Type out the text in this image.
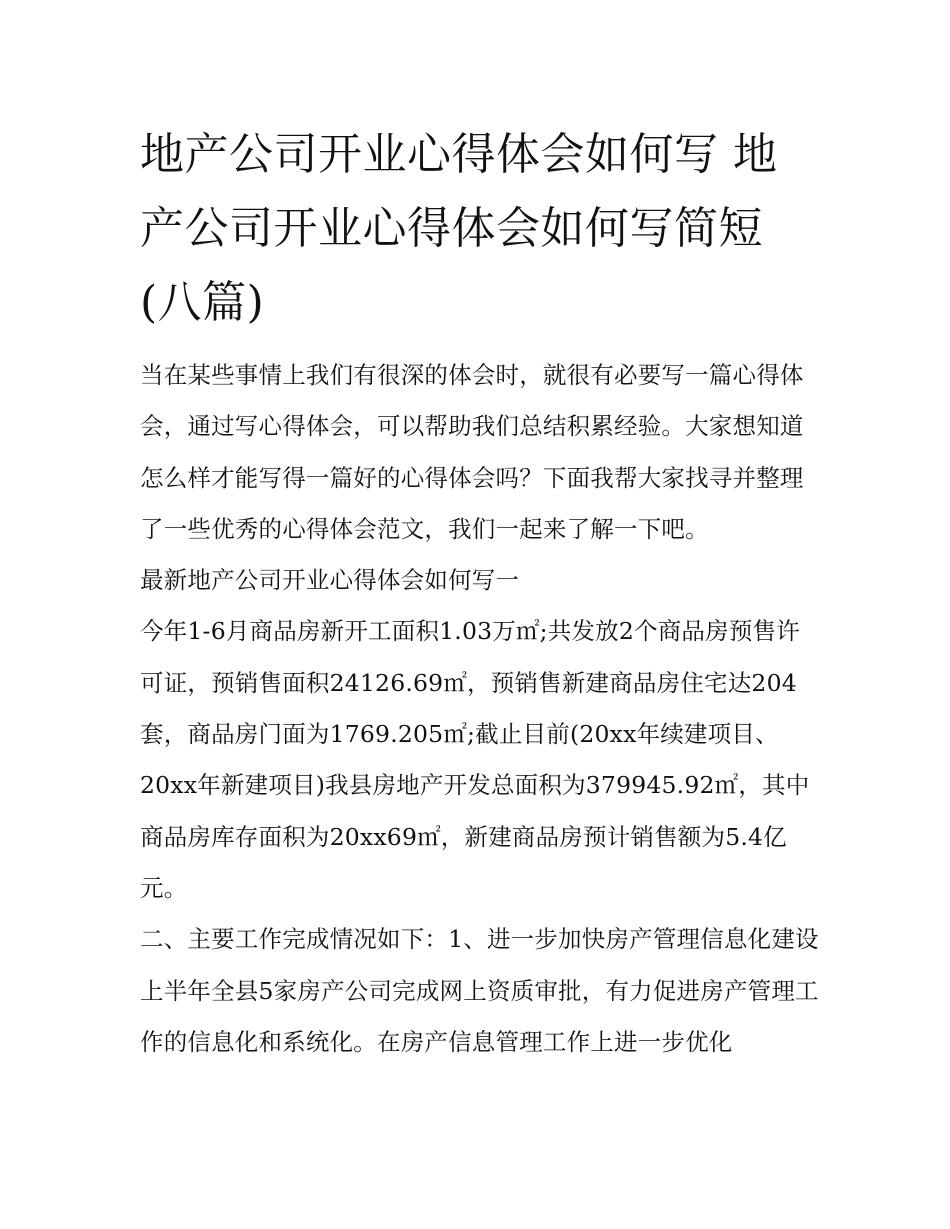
地产公司开业心得体会如何写 地产公司开业心得体会如何写简短(八篇)

当在某些事情上我们有很深的体会时，就很有必要写一篇心得体会，通过写心得体会，可以帮助我们总结积累经验。大家想知道怎么样才能写得一篇好的心得体会吗？下面我帮大家找寻并整理了一些优秀的心得体会范文，我们一起来了解一下吧。

最新地产公司开业心得体会如何写一

今年1-6月商品房新开工面积1.03万㎡;共发放2个商品房预售许可证，预销售面积24126.69㎡，预销售新建商品房住宅达204套，商品房门面为1769.205㎡;截止目前(20xx年续建项目、20xx年新建项目)我县房地产开发总面积为379945.92㎡，其中商品房库存面积为20xx69㎡，新建商品房预计销售额为5.4亿元。

二、主要工作完成情况如下：1、进一步加快房产管理信息化建设

上半年全县5家房产公司完成网上资质审批，有力促进房产管理工作的信息化和系统化。在房产信息管理工作上进一步优化
